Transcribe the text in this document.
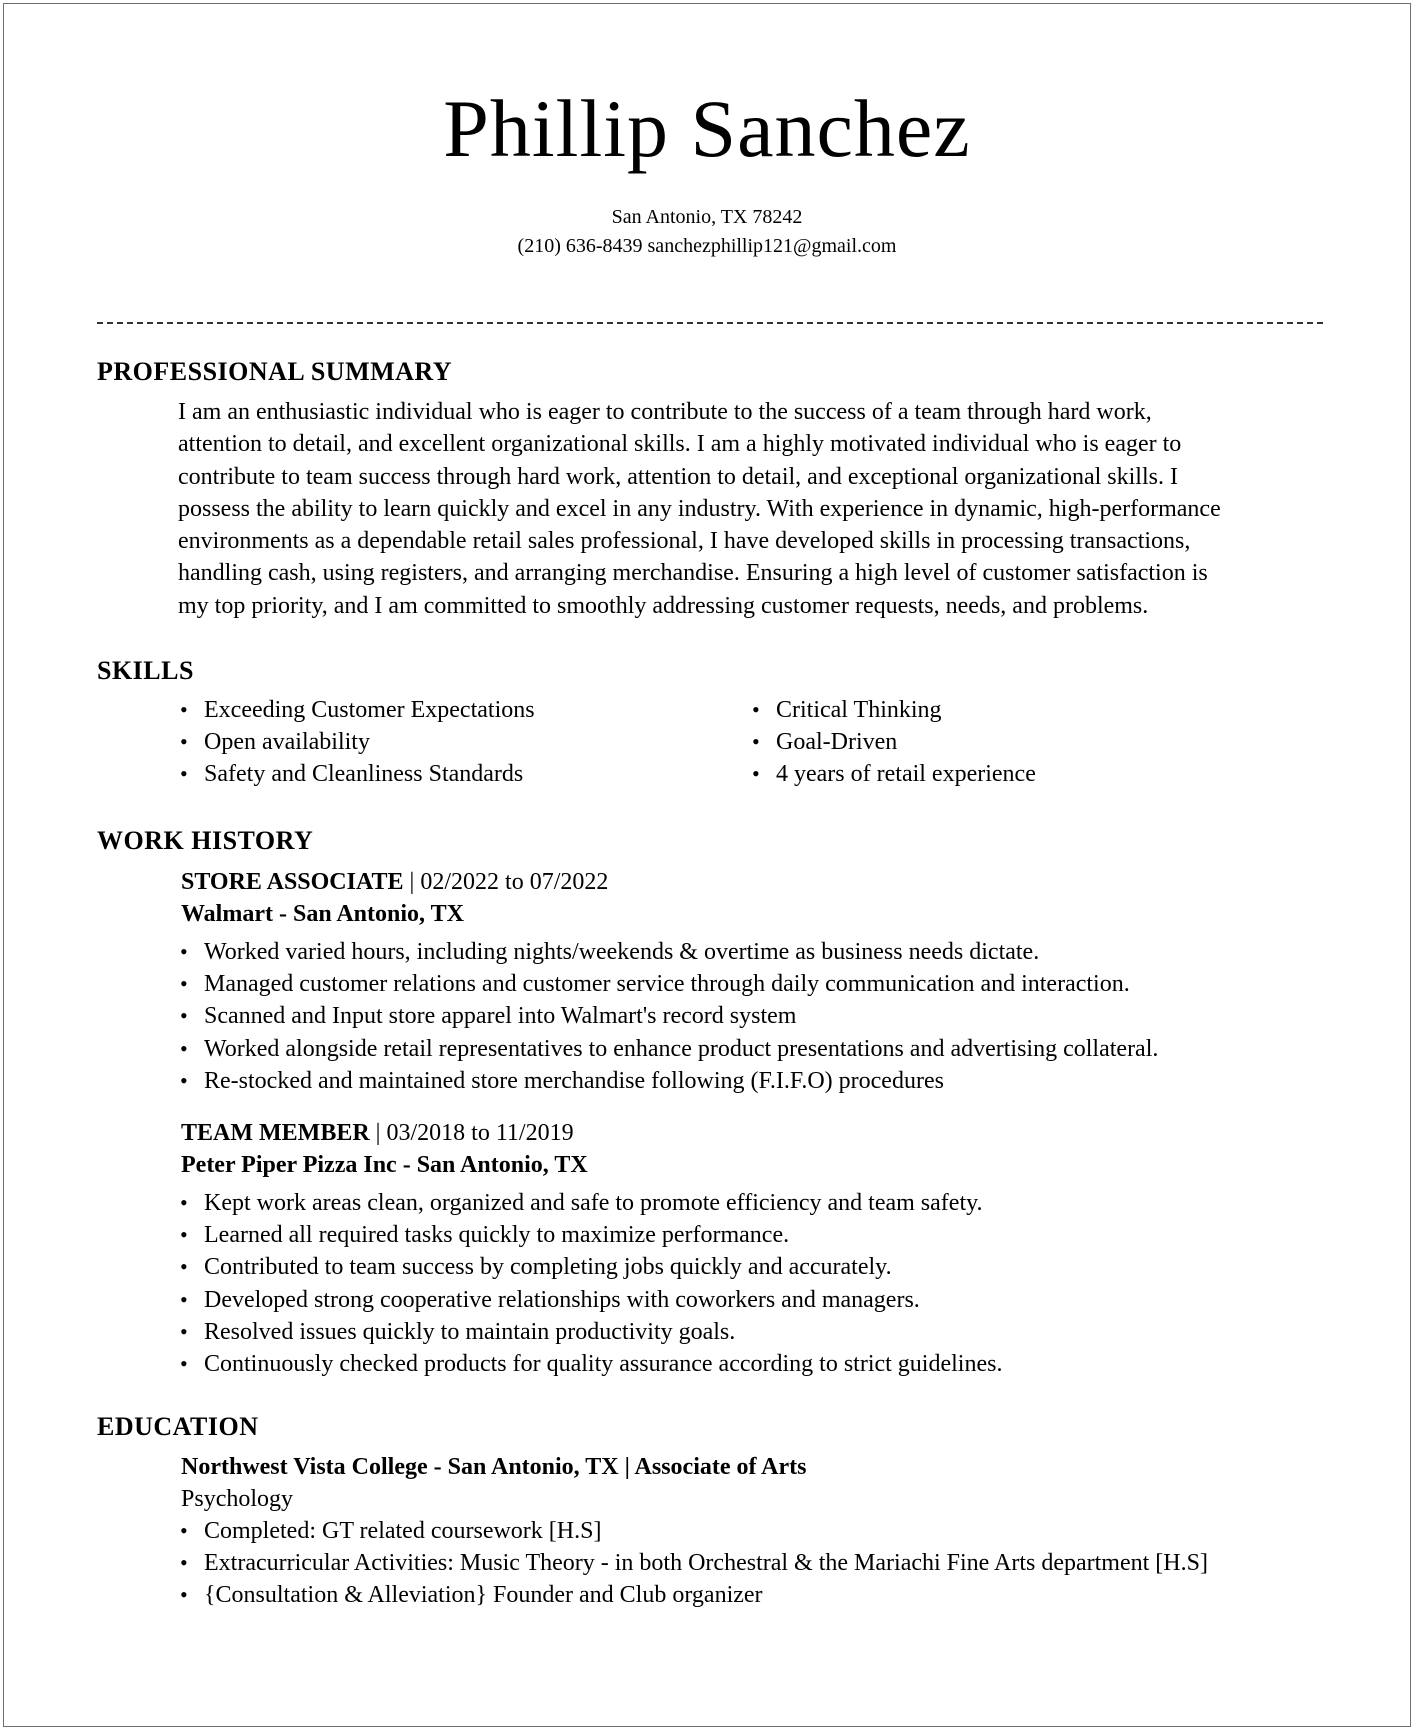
Phillip Sanchez
San Antonio, TX 78242
(210) 636-8439 sanchezphillip121@gmail.com
PROFESSIONAL SUMMARY
I am an enthusiastic individual who is eager to contribute to the success of a team through hard work,
attention to detail, and excellent organizational skills. I am a highly motivated individual who is eager to
contribute to team success through hard work, attention to detail, and exceptional organizational skills. I
possess the ability to learn quickly and excel in any industry. With experience in dynamic, high-performance
environments as a dependable retail sales professional, I have developed skills in processing transactions,
handling cash, using registers, and arranging merchandise. Ensuring a high level of customer satisfaction is
my top priority, and I am committed to smoothly addressing customer requests, needs, and problems.
SKILLS
• Exceeding Customer Expectations
• Open availability
• Safety and Cleanliness Standards
• Critical Thinking
• Goal-Driven
• 4 years of retail experience
WORK HISTORY
STORE ASSOCIATE | 02/2022 to 07/2022
Walmart - San Antonio, TX
• Worked varied hours, including nights/weekends & overtime as business needs dictate.
• Managed customer relations and customer service through daily communication and interaction.
• Scanned and Input store apparel into Walmart's record system
• Worked alongside retail representatives to enhance product presentations and advertising collateral.
• Re-stocked and maintained store merchandise following (F.I.F.O) procedures
TEAM MEMBER | 03/2018 to 11/2019
Peter Piper Pizza Inc - San Antonio, TX
• Kept work areas clean, organized and safe to promote efficiency and team safety.
• Learned all required tasks quickly to maximize performance.
• Contributed to team success by completing jobs quickly and accurately.
• Developed strong cooperative relationships with coworkers and managers.
• Resolved issues quickly to maintain productivity goals.
• Continuously checked products for quality assurance according to strict guidelines.
EDUCATION
Northwest Vista College - San Antonio, TX | Associate of Arts
Psychology
• Completed: GT related coursework [H.S]
• Extracurricular Activities: Music Theory - in both Orchestral & the Mariachi Fine Arts department [H.S]
• {Consultation & Alleviation} Founder and Club organizer
